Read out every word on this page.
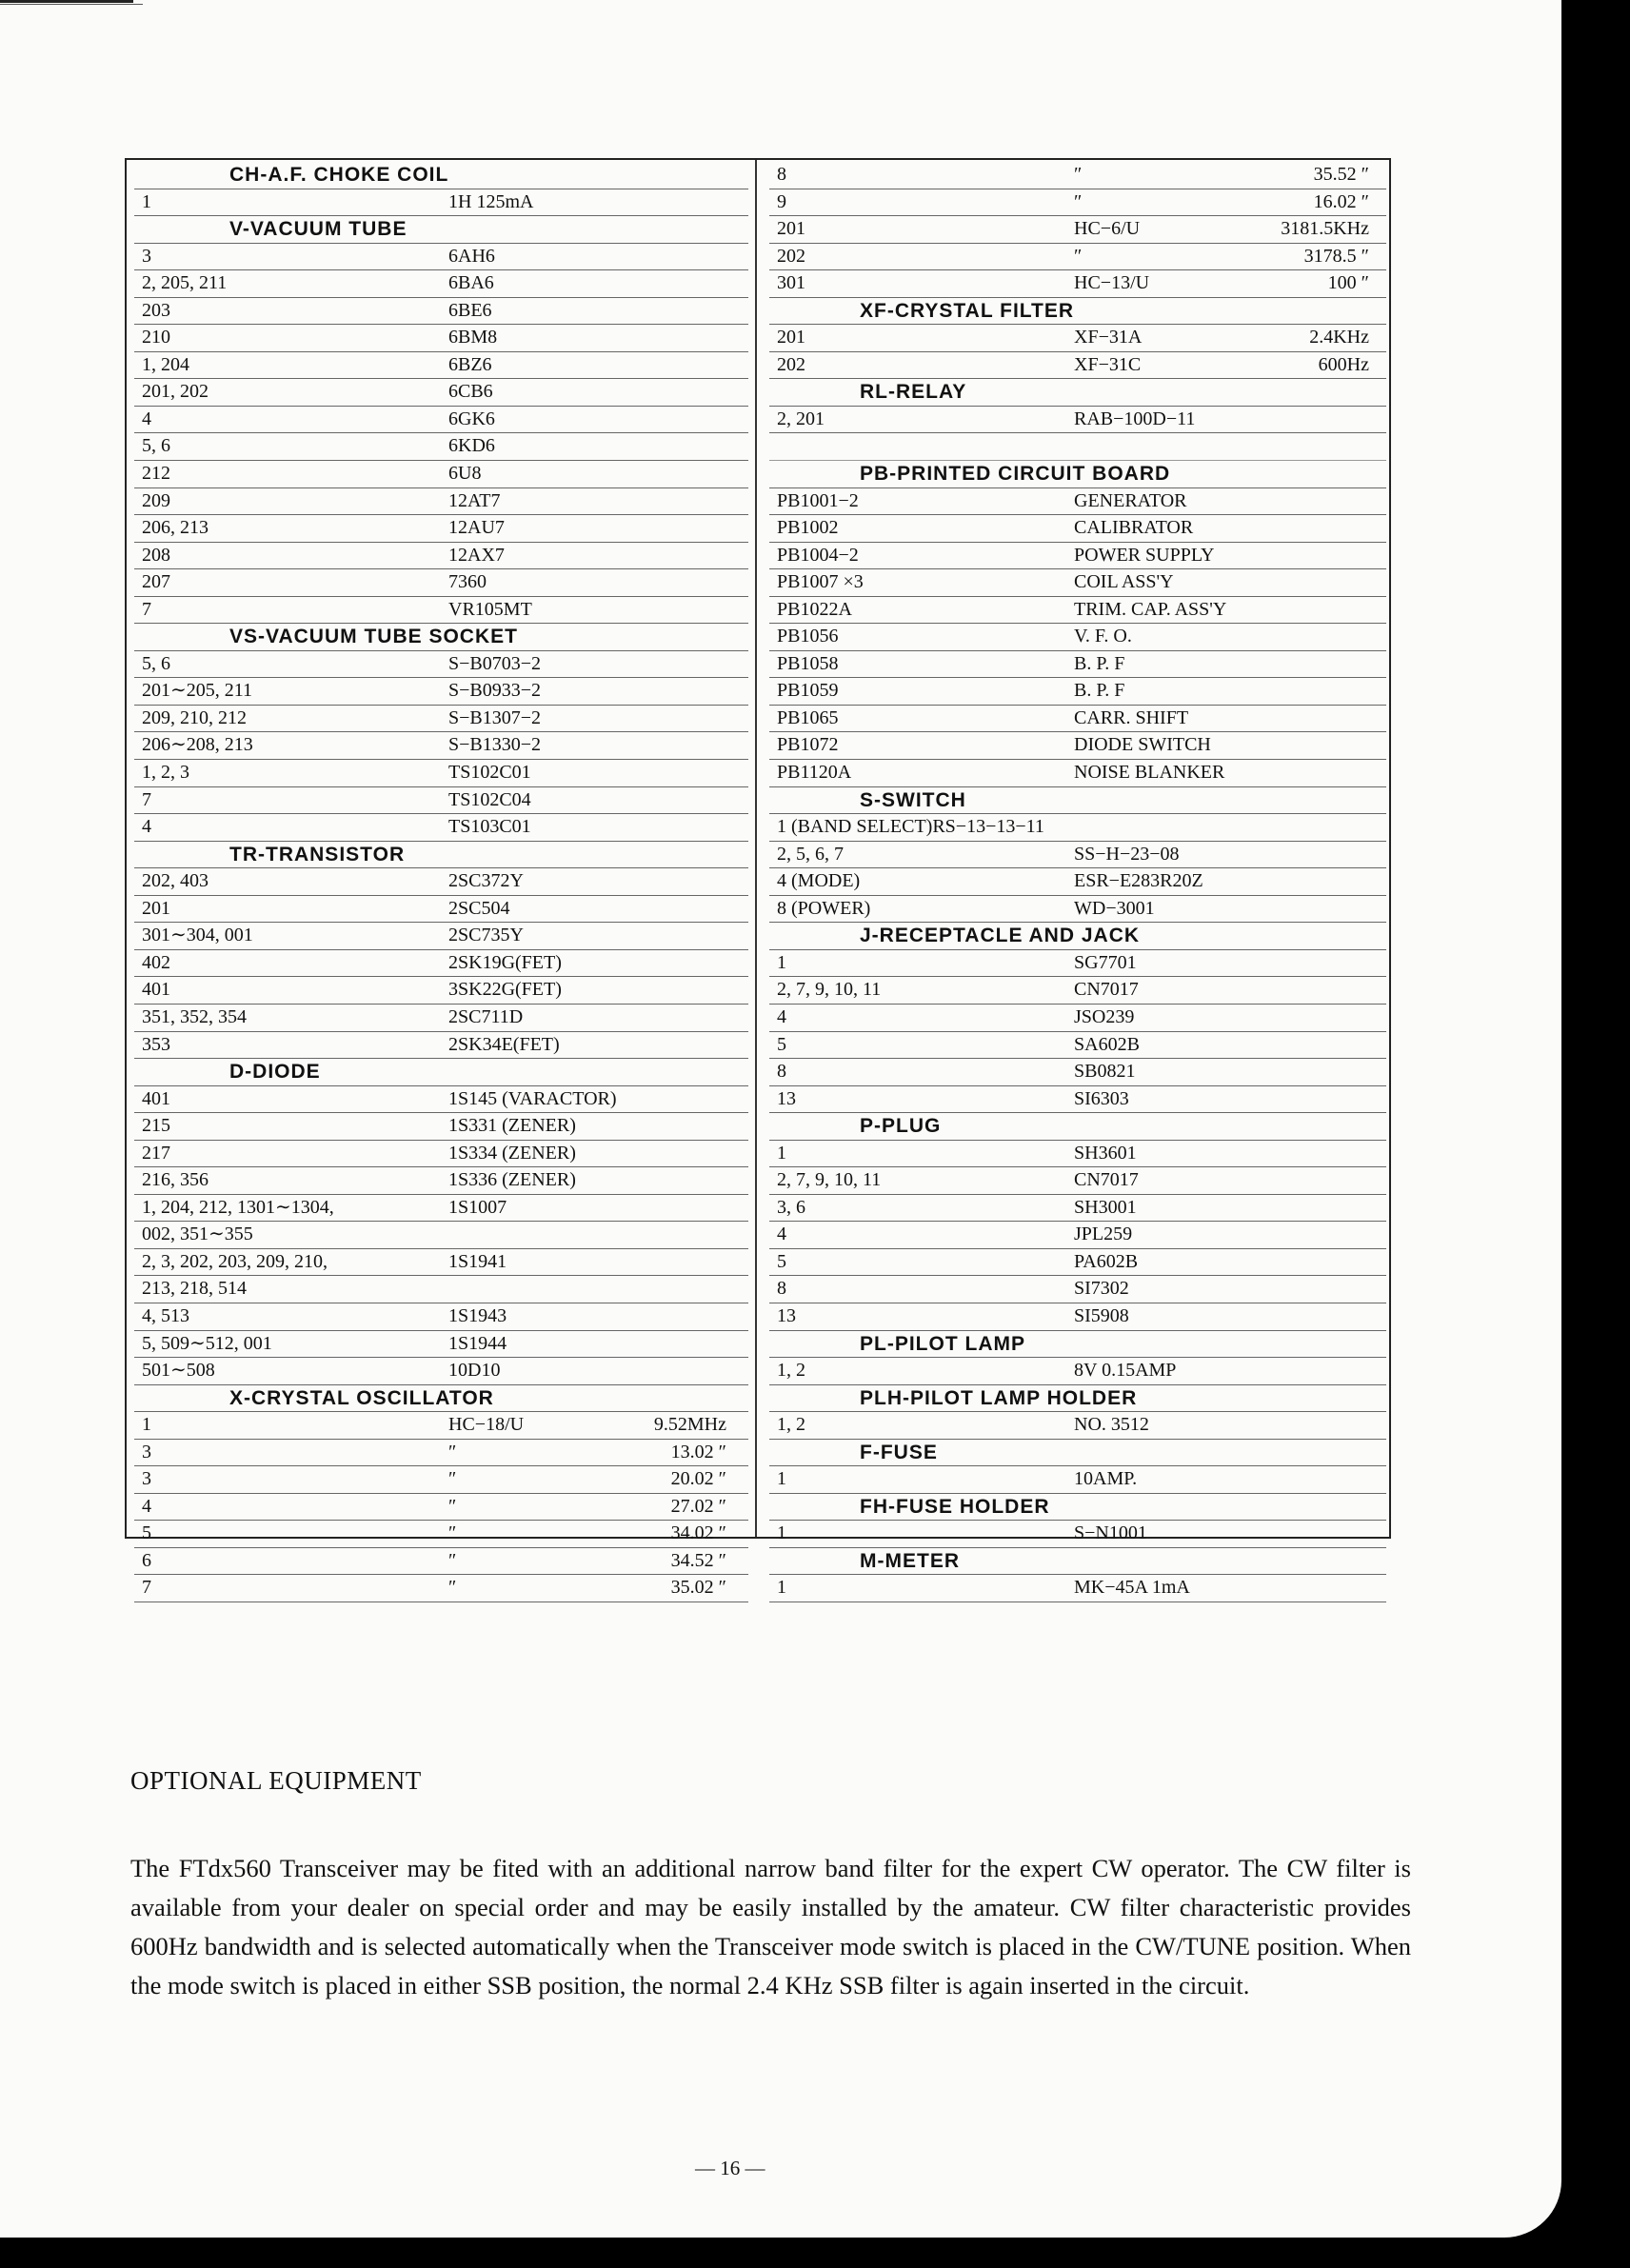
CH-A.F. CHOKE COIL
1	1H 125mA
V-VACUUM TUBE
3	6AH6
2, 205, 211	6BA6
203	6BE6
210	6BM8
1, 204	6BZ6
201, 202	6CB6
4	6GK6
5, 6	6KD6
212	6U8
209	12AT7
206, 213	12AU7
208	12AX7
207	7360
7	VR105MT
VS-VACUUM TUBE SOCKET
5, 6	S−B0703−2
201∼205, 211	S−B0933−2
209, 210, 212	S−B1307−2
206∼208, 213	S−B1330−2
1, 2, 3	TS102C01
7	TS102C04
4	TS103C01
TR-TRANSISTOR
202, 403	2SC372Y
201	2SC504
301∼304, 001	2SC735Y
402	2SK19G(FET)
401	3SK22G(FET)
351, 352, 354	2SC711D
353	2SK34E(FET)
D-DIODE
401	1S145 (VARACTOR)
215	1S331 (ZENER)
217	1S334 (ZENER)
216, 356	1S336 (ZENER)
1, 204, 212, 1301∼1304,	1S1007
002, 351∼355
2, 3, 202, 203, 209, 210,	1S1941
213, 218, 514
4, 513	1S1943
5, 509∼512, 001	1S1944
501∼508	10D10
X-CRYSTAL OSCILLATOR
1	HC−18/U	9.52MHz
3	″	13.02 ″
3	″	20.02 ″
4	″	27.02 ″
5	″	34.02 ″
6	″	34.52 ″
7	″	35.02 ″
8	″	35.52 ″
9	″	16.02 ″
201	HC−6/U	3181.5KHz
202	″	3178.5 ″
301	HC−13/U	100 ″
XF-CRYSTAL FILTER
201	XF−31A	2.4KHz
202	XF−31C	600Hz
RL-RELAY
2, 201	RAB−100D−11
PB-PRINTED CIRCUIT BOARD
PB1001−2	GENERATOR
PB1002	CALIBRATOR
PB1004−2	POWER SUPPLY
PB1007 ×3	COIL ASS'Y
PB1022A	TRIM. CAP. ASS'Y
PB1056	V. F. O.
PB1058	B. P. F
PB1059	B. P. F
PB1065	CARR. SHIFT
PB1072	DIODE SWITCH
PB1120A	NOISE BLANKER
S-SWITCH
1 (BAND SELECT)RS−13−13−11
2, 5, 6, 7	SS−H−23−08
4 (MODE)	ESR−E283R20Z
8 (POWER)	WD−3001
J-RECEPTACLE AND JACK
1	SG7701
2, 7, 9, 10, 11	CN7017
4	JSO239
5	SA602B
8	SB0821
13	SI6303
P-PLUG
1	SH3601
2, 7, 9, 10, 11	CN7017
3, 6	SH3001
4	JPL259
5	PA602B
8	SI7302
13	SI5908
PL-PILOT LAMP
1, 2	8V 0.15AMP
PLH-PILOT LAMP HOLDER
1, 2	NO. 3512
F-FUSE
1	10AMP.
FH-FUSE HOLDER
1	S−N1001
M-METER
1	MK−45A 1mA
OPTIONAL EQUIPMENT
The FTdx560 Transceiver may be fited with an additional narrow band filter for the expert CW operator. The CW filter is available from your dealer on special order and may be easily installed by the amateur. CW filter characteristic provides 600Hz bandwidth and is selected automatically when the Transceiver mode switch is placed in the CW/TUNE position. When the mode switch is placed in either SSB position, the normal 2.4 KHz SSB filter is again inserted in the circuit.
— 16 —
